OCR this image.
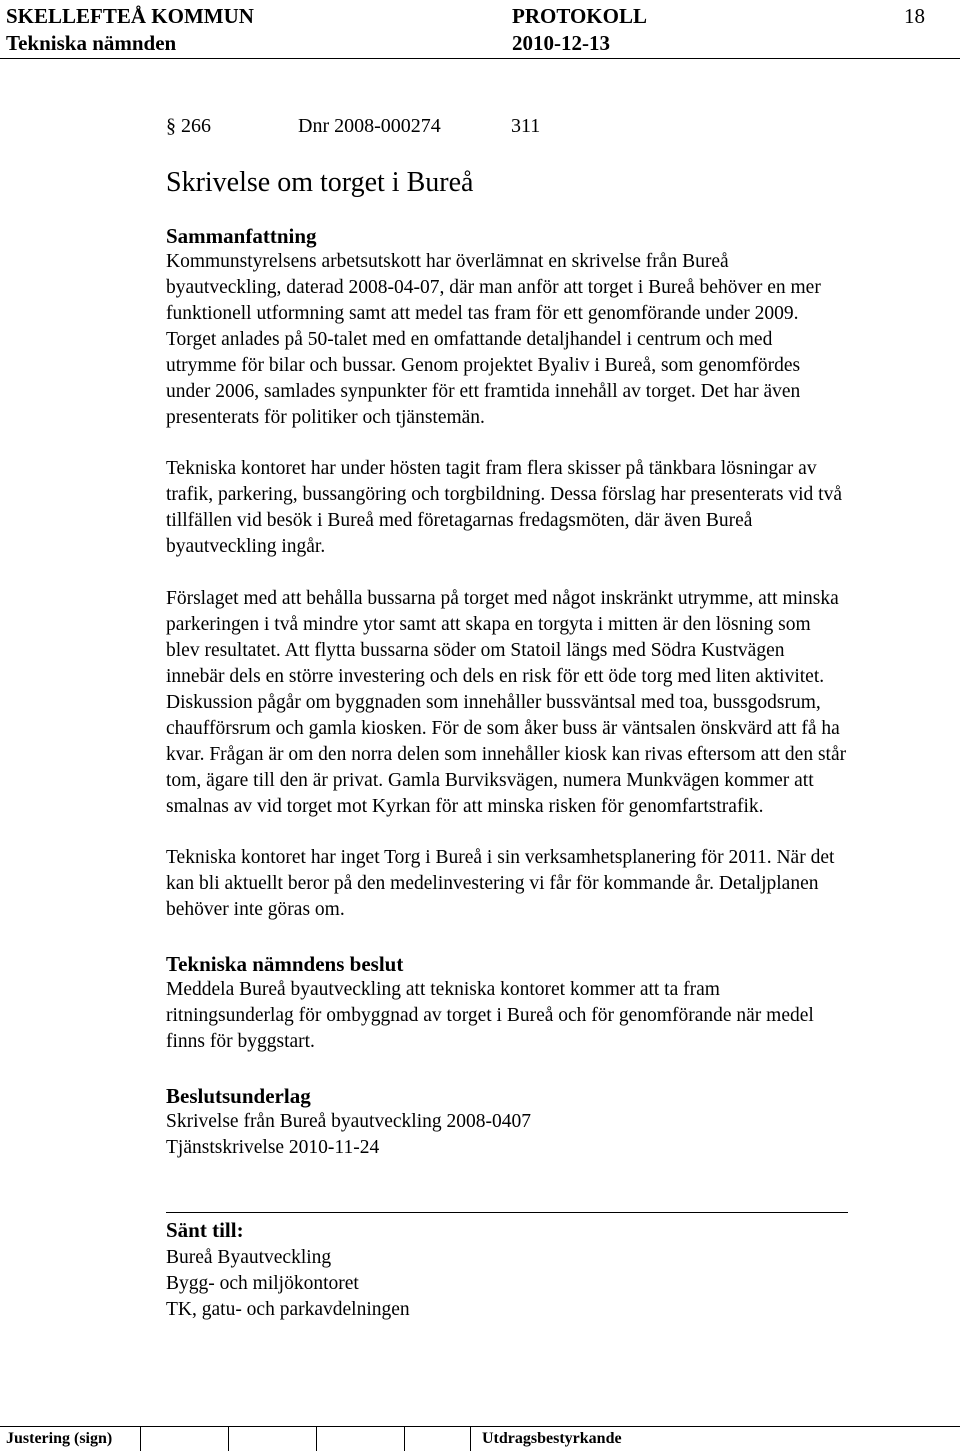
SKELLEFTEÅ KOMMUN	PROTOKOLL	18
Tekniska nämnden	2010-12-13
§ 266	Dnr 2008-000274	311
Skrivelse om torget i Bureå
Sammanfattning
Kommunstyrelsens arbetsutskott har överlämnat en skrivelse från Bureå
byautveckling, daterad 2008-04-07, där man anför att torget i Bureå behöver en mer
funktionell utformning samt att medel tas fram för ett genomförande under 2009.
Torget anlades på 50-talet med en omfattande detaljhandel i centrum och med
utrymme för bilar och bussar. Genom projektet Byaliv i Bureå, som genomfördes
under 2006, samlades synpunkter för ett framtida innehåll av torget. Det har även
presenterats för politiker och tjänstemän.
Tekniska kontoret har under hösten tagit fram flera skisser på tänkbara lösningar av
trafik, parkering, bussangöring och torgbildning. Dessa förslag har presenterats vid två
tillfällen vid besök i Bureå med företagarnas fredagsmöten, där även Bureå
byautveckling ingår.
Förslaget med att behålla bussarna på torget med något inskränkt utrymme, att minska
parkeringen i två mindre ytor samt att skapa en torgyta i mitten är den lösning som
blev resultatet. Att flytta bussarna söder om Statoil längs med Södra Kustvägen
innebär dels en större investering och dels en risk för ett öde torg med liten aktivitet.
Diskussion pågår om byggnaden som innehåller bussväntsal med toa, bussgodsrum,
chaufförsrum och gamla kiosken. För de som åker buss är väntsalen önskvärd att få ha
kvar. Frågan är om den norra delen som innehåller kiosk kan rivas eftersom att den står
tom, ägare till den är privat. Gamla Burviksvägen, numera Munkvägen kommer att
smalnas av vid torget mot Kyrkan för att minska risken för genomfartstrafik.
Tekniska kontoret har inget Torg i Bureå i sin verksamhetsplanering för 2011. När det
kan bli aktuellt beror på den medelinvestering vi får för kommande år. Detaljplanen
behöver inte göras om.
Tekniska nämndens beslut
Meddela Bureå byautveckling att tekniska kontoret kommer att ta fram
ritningsunderlag för ombyggnad av torget i Bureå och för genomförande när medel
finns för byggstart.
Beslutsunderlag
Skrivelse från Bureå byautveckling 2008-0407
Tjänstskrivelse 2010-11-24
Sänt till:
Bureå Byautveckling
Bygg- och miljökontoret
TK, gatu- och parkavdelningen
Justering (sign)	Utdragsbestyrkande
